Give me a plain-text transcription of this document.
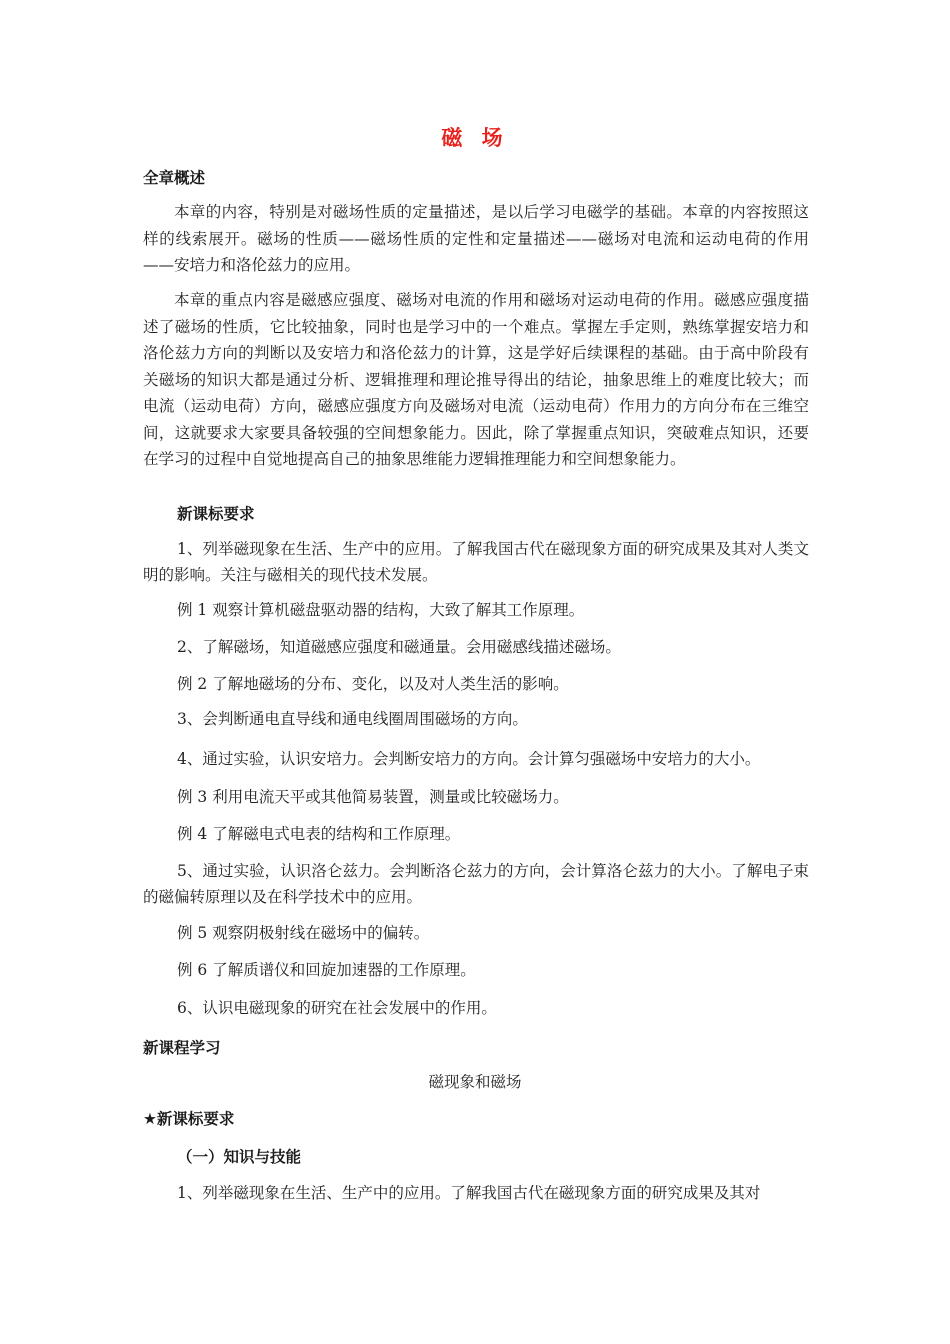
磁 场
全章概述
本章的内容，特别是对磁场性质的定量描述，是以后学习电磁学的基础。本章的内容按照这样的线索展开。磁场的性质——磁场性质的定性和定量描述——磁场对电流和运动电荷的作用——安培力和洛伦兹力的应用。
本章的重点内容是磁感应强度、磁场对电流的作用和磁场对运动电荷的作用。磁感应强度描述了磁场的性质，它比较抽象，同时也是学习中的一个难点。掌握左手定则，熟练掌握安培力和洛伦兹力方向的判断以及安培力和洛伦兹力的计算，这是学好后续课程的基础。由于高中阶段有关磁场的知识大都是通过分析、逻辑推理和理论推导得出的结论，抽象思维上的难度比较大；而电流（运动电荷）方向，磁感应强度方向及磁场对电流（运动电荷）作用力的方向分布在三维空间，这就要求大家要具备较强的空间想象能力。因此，除了掌握重点知识，突破难点知识，还要在学习的过程中自觉地提高自己的抽象思维能力逻辑推理能力和空间想象能力。
新课标要求
1、列举磁现象在生活、生产中的应用。了解我国古代在磁现象方面的研究成果及其对人类文明的影响。关注与磁相关的现代技术发展。
例 1 观察计算机磁盘驱动器的结构，大致了解其工作原理。
2、了解磁场，知道磁感应强度和磁通量。会用磁感线描述磁场。
例 2 了解地磁场的分布、变化，以及对人类生活的影响。
3、会判断通电直导线和通电线圈周围磁场的方向。
4、通过实验，认识安培力。会判断安培力的方向。会计算匀强磁场中安培力的大小。
例 3 利用电流天平或其他简易装置，测量或比较磁场力。
例 4 了解磁电式电表的结构和工作原理。
5、通过实验，认识洛仑兹力。会判断洛仑兹力的方向，会计算洛仑兹力的大小。了解电子束的磁偏转原理以及在科学技术中的应用。
例 5 观察阴极射线在磁场中的偏转。
例 6 了解质谱仪和回旋加速器的工作原理。
6、认识电磁现象的研究在社会发展中的作用。
新课程学习
磁现象和磁场
★新课标要求
（一）知识与技能
1、列举磁现象在生活、生产中的应用。了解我国古代在磁现象方面的研究成果及其对
